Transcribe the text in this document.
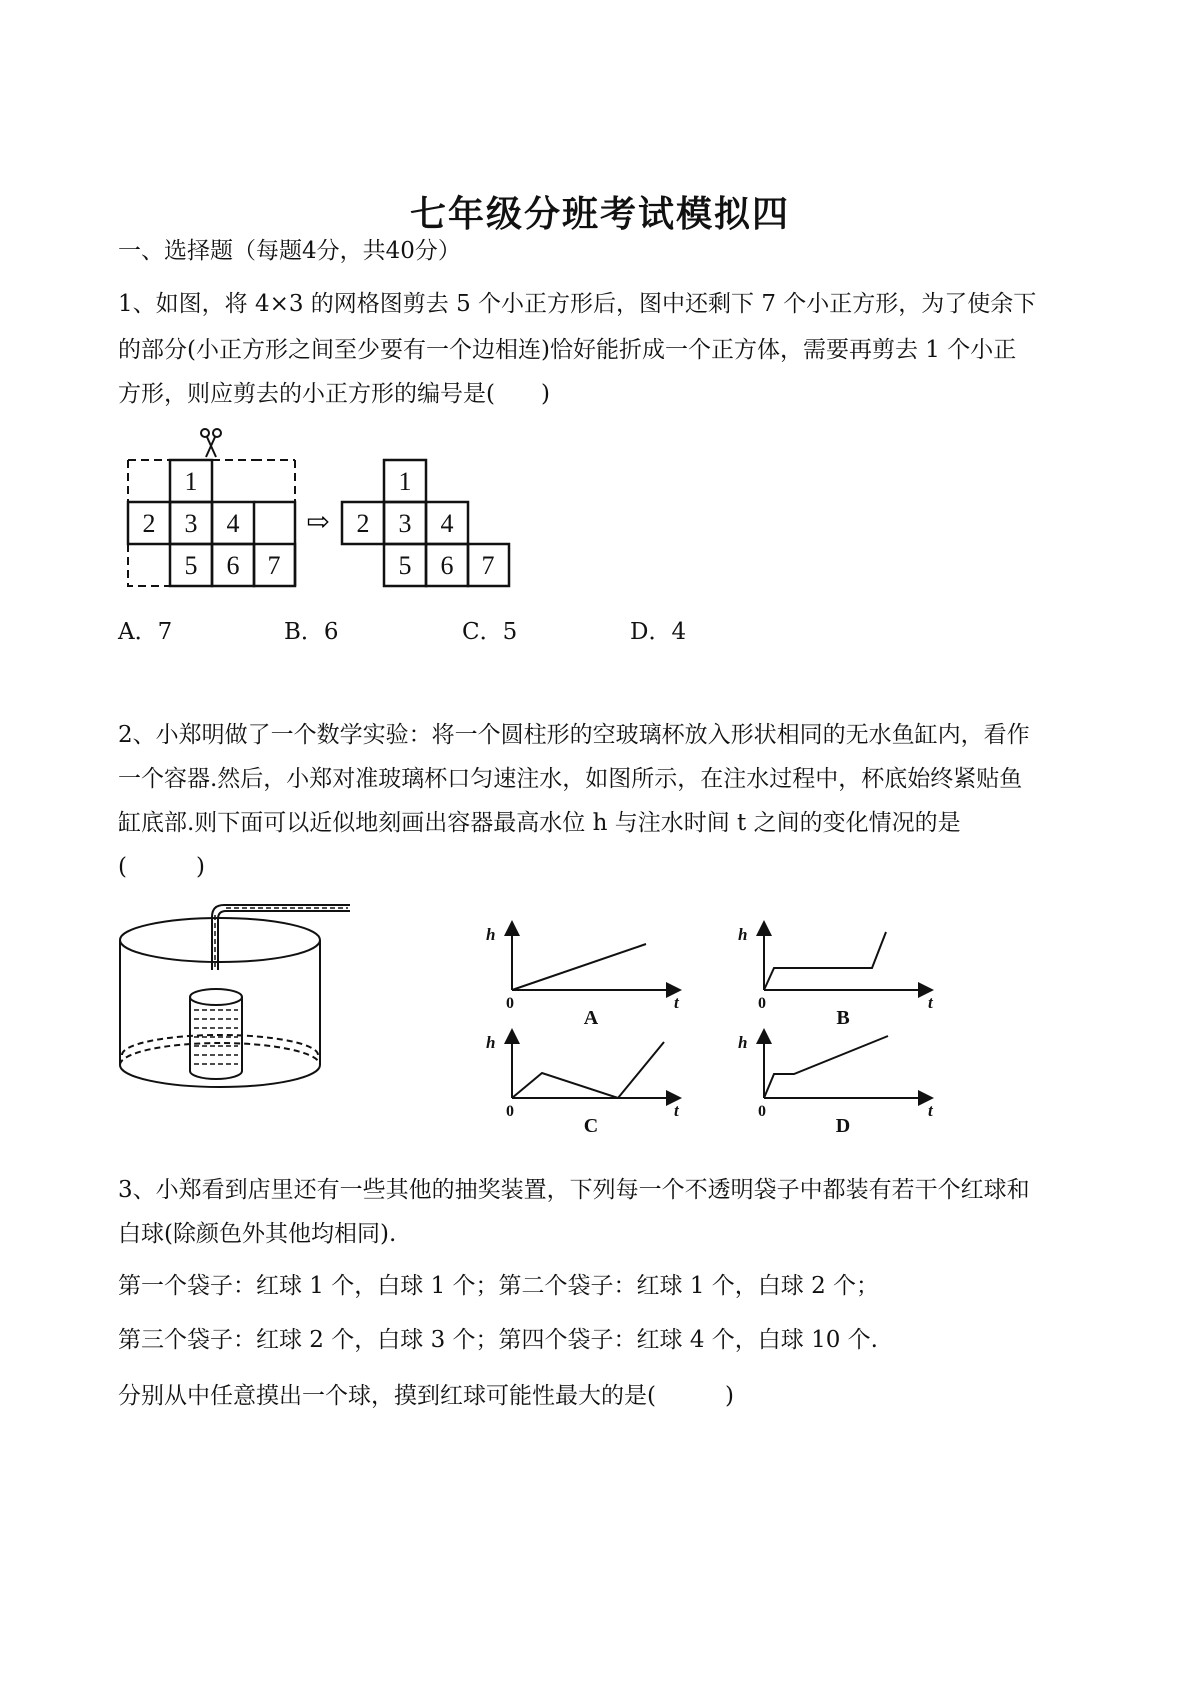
七年级分班考试模拟四
一、选择题（每题4分，共40分）
1、如图，将 4×3 的网格图剪去 5 个小正方形后，图中还剩下 7 个小正方形，为了使余下
的部分(小正方形之间至少要有一个边相连)恰好能折成一个正方体，需要再剪去 1 个小正
方形，则应剪去的小正方形的编号是(　　)
1
2 3 4
5 6 7
⇨
1
2 3 4
5 6 7
A．7	B．6	C．5	D．4
2、小郑明做了一个数学实验：将一个圆柱形的空玻璃杯放入形状相同的无水鱼缸内，看作
一个容器.然后，小郑对准玻璃杯口匀速注水，如图所示，在注水过程中，杯底始终紧贴鱼
缸底部.则下面可以近似地刻画出容器最高水位 h 与注水时间 t 之间的变化情况的是
(　　　)
h
t
h
t
h
t
h
t
0	0
0	0
A	B
C	D
3、小郑看到店里还有一些其他的抽奖装置，下列每一个不透明袋子中都装有若干个红球和
白球(除颜色外其他均相同).
第一个袋子：红球 1 个，白球 1 个；第二个袋子：红球 1 个，白球 2 个；
第三个袋子：红球 2 个，白球 3 个；第四个袋子：红球 4 个，白球 10 个.
分别从中任意摸出一个球，摸到红球可能性最大的是(　　　)
